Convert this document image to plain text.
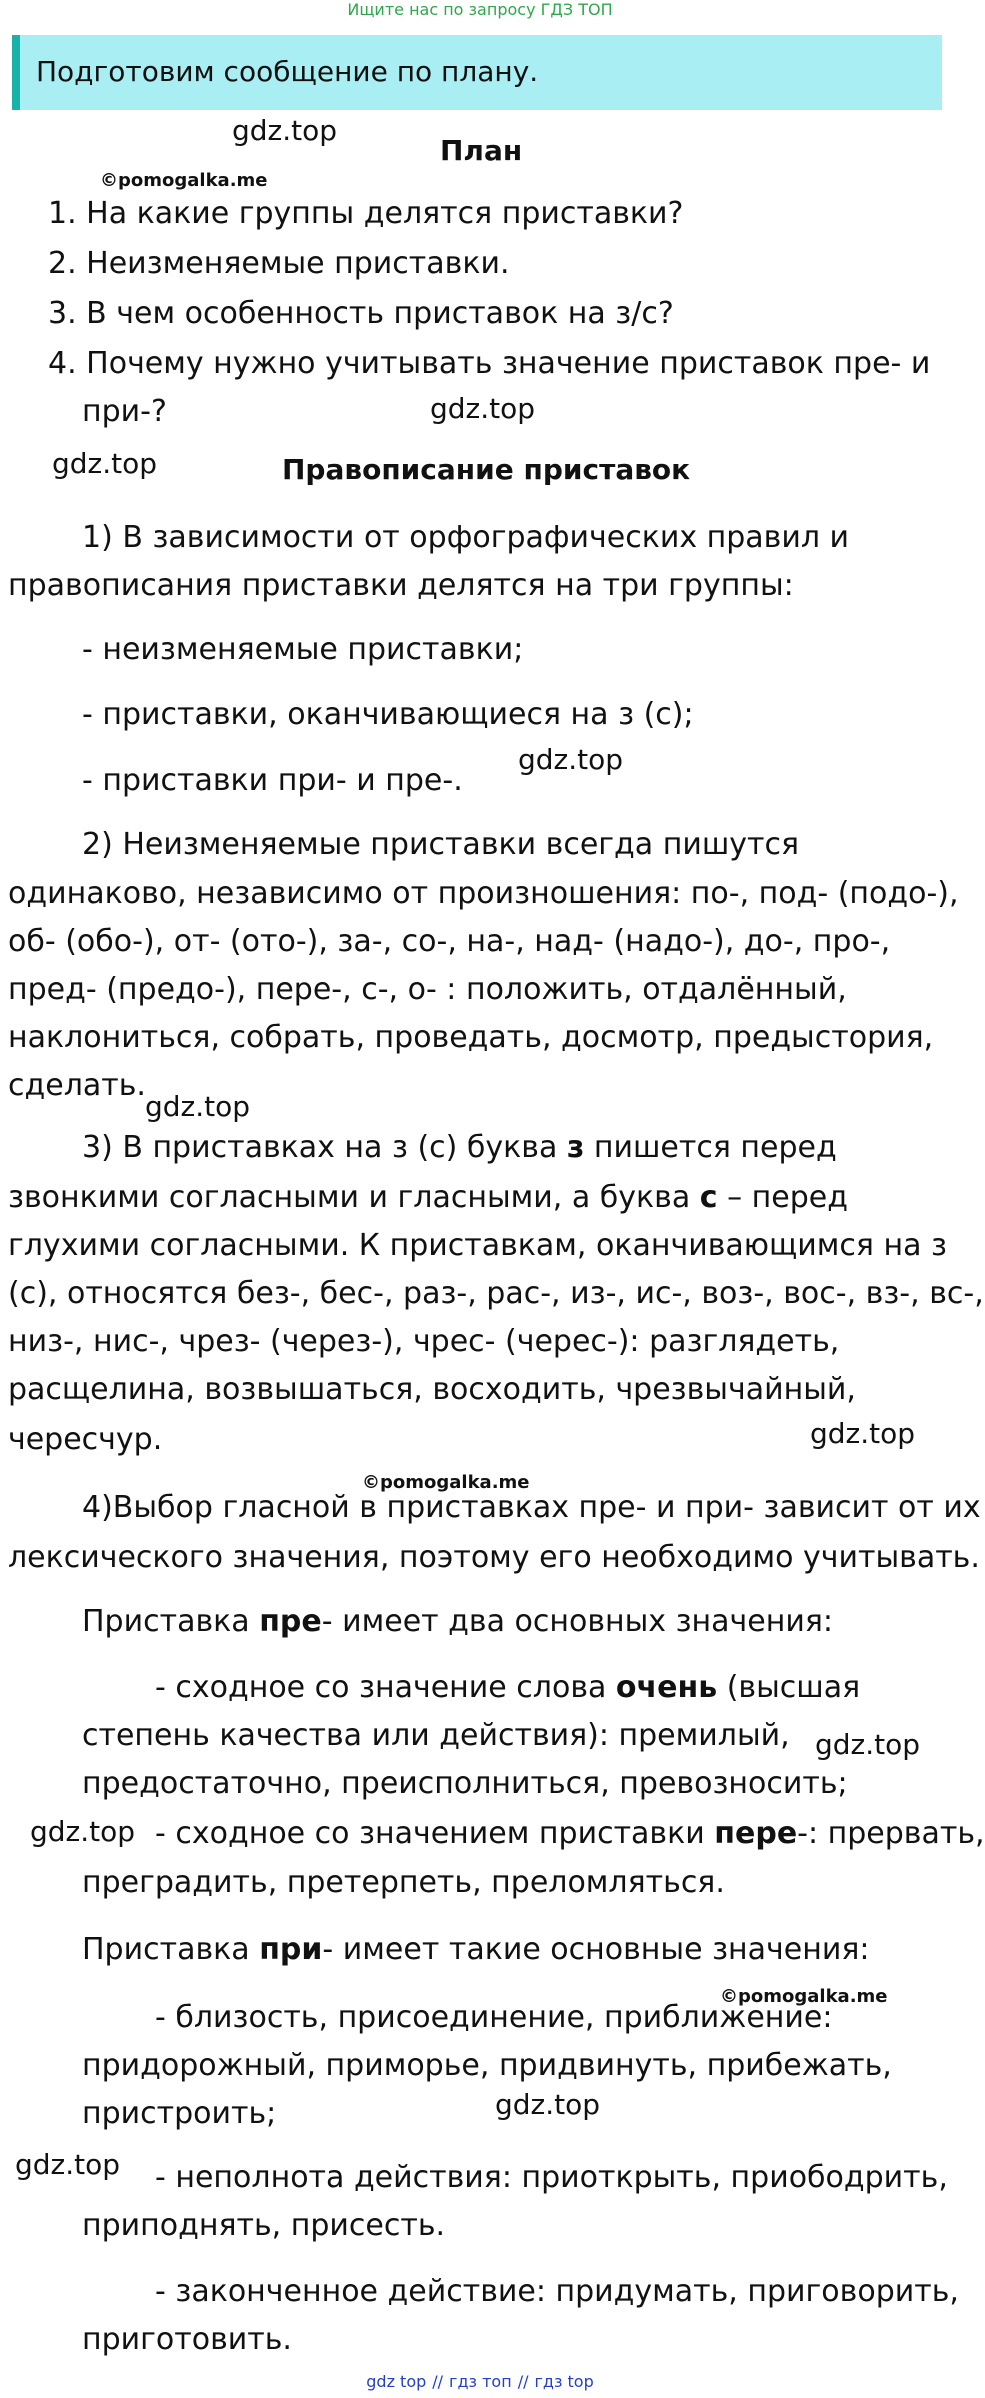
Ищите нас по запросу ГДЗ ТОП
Подготовим сообщение по плану.
gdz.top
©pomogalka.me
gdz.top
gdz.top
gdz.top
gdz.top
gdz.top
©pomogalka.me
gdz.top
gdz.top
©pomogalka.me
gdz.top
gdz.top
План
1. На какие группы делятся приставки?
2. Неизменяемые приставки.
3. В чем особенность приставок на з/с?
4. Почему нужно учитывать значение приставок пре- и
при-?
Правописание приставок
1) В зависимости от орфографических правил и
правописания приставки делятся на три группы:
- неизменяемые приставки;
- приставки, оканчивающиеся на з (с);
- приставки при- и пре-.
2) Неизменяемые приставки всегда пишутся
одинаково, независимо от произношения: по-, под- (подо-),
об- (обо-), от- (ото-), за-, со-, на-, над- (надо-), до-, про-,
пред- (предо-), пере-, с-, о- : положить, отдалённый,
наклониться, собрать, проведать, досмотр, предыстория,
сделать.
3) В приставках на з (с) буква з пишется перед
звонкими согласными и гласными, а буква с – перед
глухими согласными. К приставкам, оканчивающимся на з
(с), относятся без-, бес-, раз-, рас-, из-, ис-, воз-, вос-, вз-, вс-,
низ-, нис-, чрез- (через-), чрес- (черес-): разглядеть,
расщелина, возвышаться, восходить, чрезвычайный,
чересчур.
4)Выбор гласной в приставках пре- и при- зависит от их
лексического значения, поэтому его необходимо учитывать.
Приставка пре- имеет два основных значения:
- сходное со значение слова очень (высшая
степень качества или действия): премилый,
предостаточно, преисполниться, превозносить;
- сходное со значением приставки пере-: прервать,
преградить, претерпеть, преломляться.
Приставка при- имеет такие основные значения:
- близость, присоединение, приближение:
придорожный, приморье, придвинуть, прибежать,
пристроить;
- неполнота действия: приоткрыть, приободрить,
приподнять, присесть.
- законченное действие: придумать, приговорить,
приготовить.
gdz top // гдз топ // гдз top
